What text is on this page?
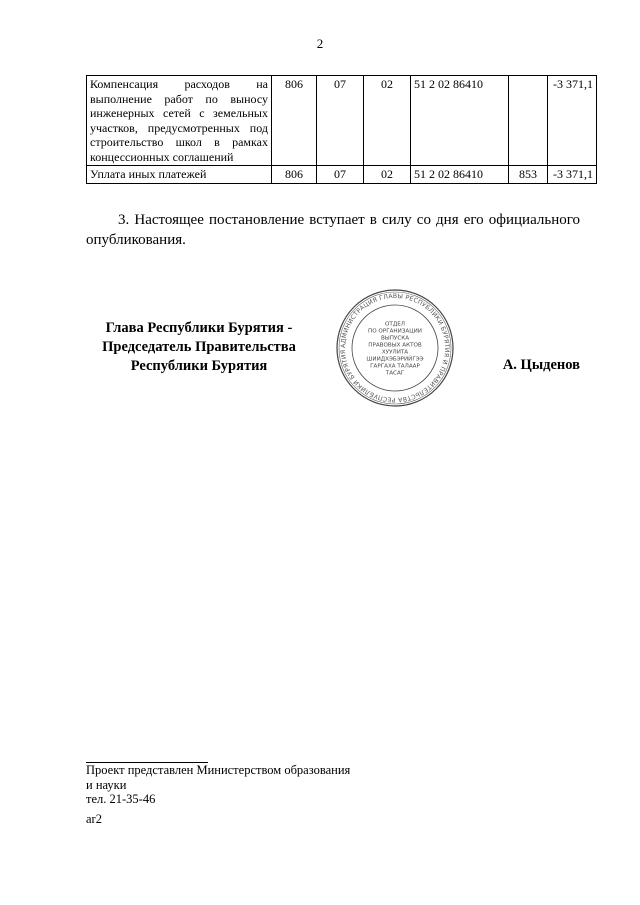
2
Компенсация расходов на выполнение работ по выносу инженерных сетей с земельных участков, предусмотренных под строительство школ в рамках концессионных соглашений	806	07	02	51 2 02 86410		-3 371,1
Уплата иных платежей	806	07	02	51 2 02 86410	853	-3 371,1
3. Настоящее постановление вступает в силу со дня его официального опубликования.
Глава Республики Бурятия -
Председатель Правительства
Республики Бурятия
АДМИНИСТРАЦИЯ ГЛАВЫ РЕСПУБЛИКИ БУРЯТИЯ И ПРАВИТЕЛЬСТВА РЕСПУБЛИКИ БУРЯТИЯ
ОТДЕЛ
ПО ОРГАНИЗАЦИИ
ВЫПУСКА
ПРАВОВЫХ АКТОВ
ХУУЛИТА
ШИИДХЭБЭРИЙГЭЭ
ГАРГАХА ТАЛААР
ТАСАГ
А. Цыденов
Проект представлен Министерством образования
и науки
тел. 21-35-46
ar2
